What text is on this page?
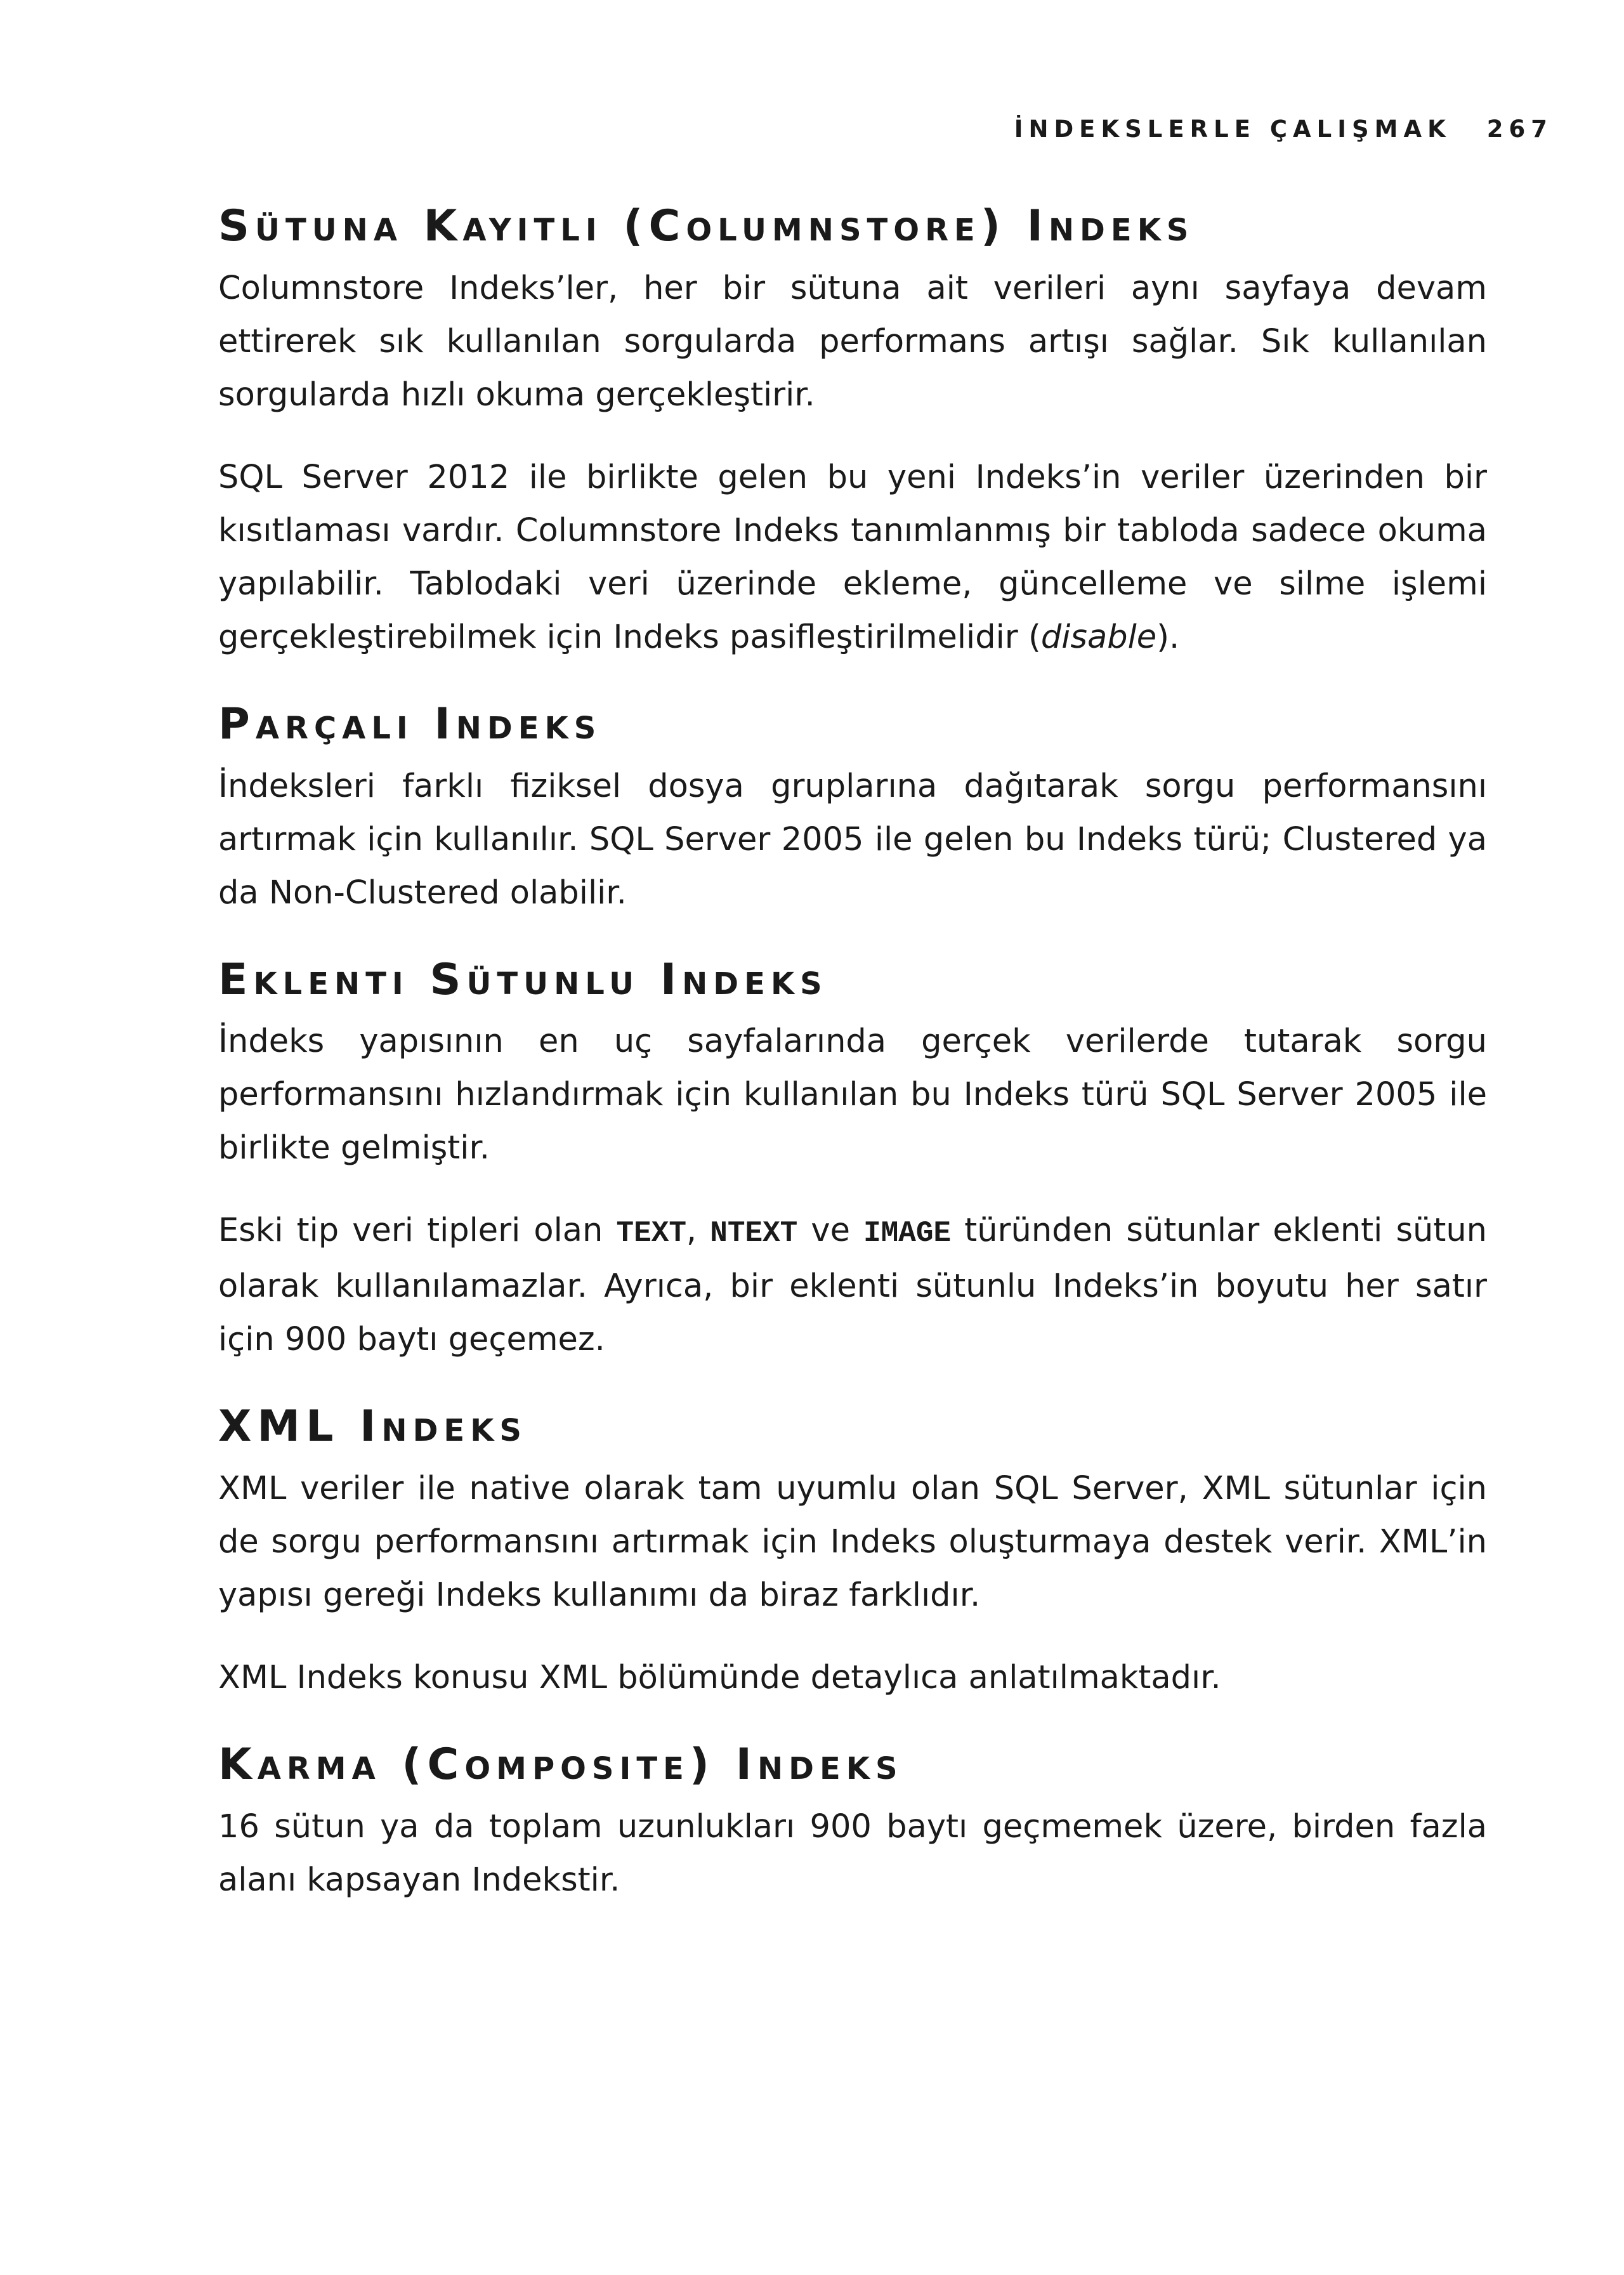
İNDEKSLERLE ÇALIŞMAK 267
Sütuna Kayıtlı (Columnstore) Indeks

Columnstore Indeks’ler, her bir sütuna ait verileri aynı sayfaya devam ettirerek sık kullanılan sorgularda performans artışı sağlar. Sık kullanılan sorgularda hızlı okuma gerçekleştirir.

SQL Server 2012 ile birlikte gelen bu yeni Indeks’in veriler üzerinden bir kısıtlaması vardır. Columnstore Indeks tanımlanmış bir tabloda sadece okuma yapılabilir. Tablodaki veri üzerinde ekleme, güncelleme ve silme işlemi gerçekleştirebilmek için Indeks pasifleştirilmelidir (disable).

Parçalı Indeks

İndeksleri farklı fiziksel dosya gruplarına dağıtarak sorgu performansını artırmak için kullanılır. SQL Server 2005 ile gelen bu Indeks türü; Clustered ya da Non-Clustered olabilir.

Eklenti Sütunlu Indeks

İndeks yapısının en uç sayfalarında gerçek verilerde tutarak sorgu performansını hızlandırmak için kullanılan bu Indeks türü SQL Server 2005 ile birlikte gelmiştir.

Eski tip veri tipleri olan TEXT, NTEXT ve IMAGE türünden sütunlar eklenti sütun olarak kullanılamazlar. Ayrıca, bir eklenti sütunlu Indeks’in boyutu her satır için 900 baytı geçemez.

XML Indeks

XML veriler ile native olarak tam uyumlu olan SQL Server, XML sütunlar için de sorgu performansını artırmak için Indeks oluşturmaya destek verir. XML’in yapısı gereği Indeks kullanımı da biraz farklıdır.

XML Indeks konusu XML bölümünde detaylıca anlatılmaktadır.

Karma (Composite) Indeks

16 sütun ya da toplam uzunlukları 900 baytı geçmemek üzere, birden fazla alanı kapsayan Indekstir.
